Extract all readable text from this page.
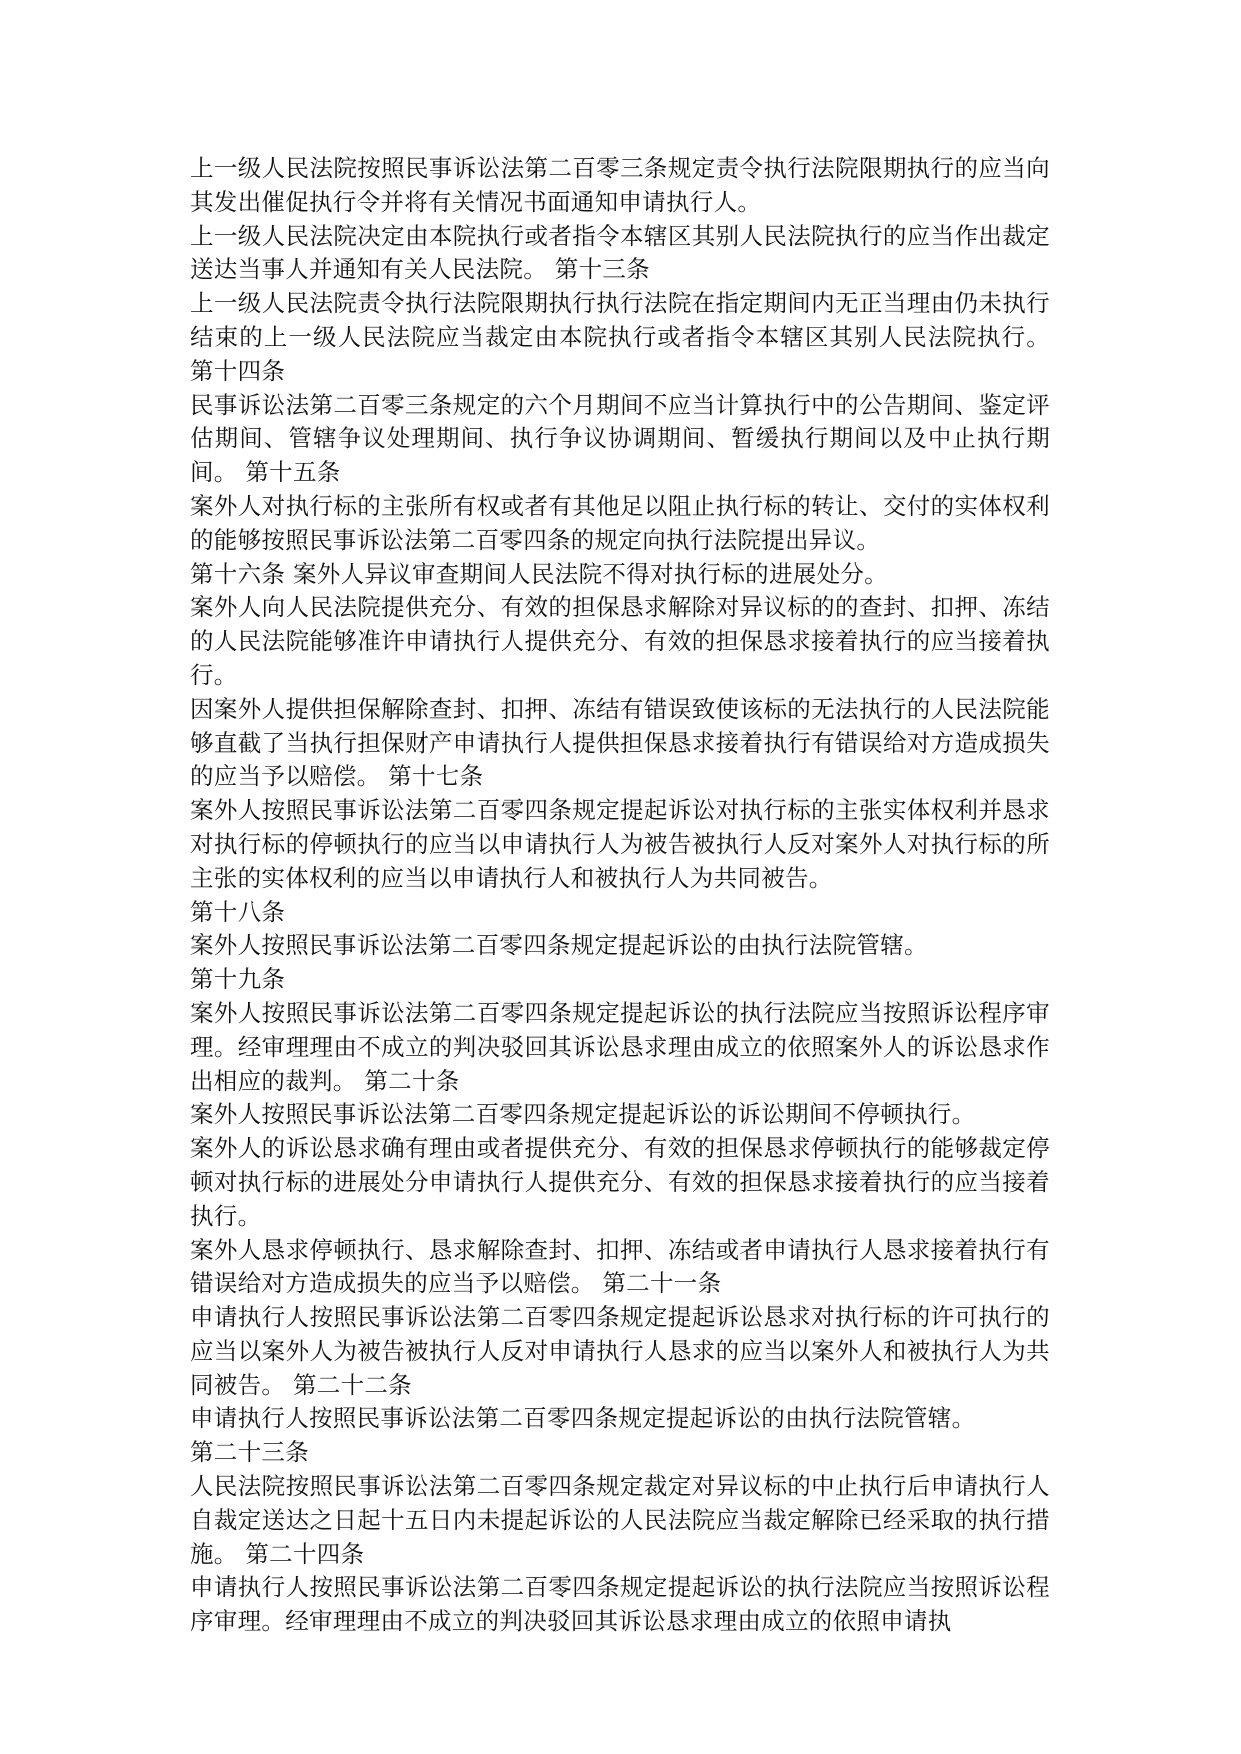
上一级人民法院按照民事诉讼法第二百零三条规定责令执行法院限期执行的应当向其发出催促执行令并将有关情况书面通知申请执行人。

上一级人民法院决定由本院执行或者指令本辖区其别人民法院执行的应当作出裁定送达当事人并通知有关人民法院。 第十三条

上一级人民法院责令执行法院限期执行执行法院在指定期间内无正当理由仍未执行结束的上一级人民法院应当裁定由本院执行或者指令本辖区其别人民法院执行。 第十四条

民事诉讼法第二百零三条规定的六个月期间不应当计算执行中的公告期间、鉴定评估期间、管辖争议处理期间、执行争议协调期间、暂缓执行期间以及中止执行期间。 第十五条

案外人对执行标的主张所有权或者有其他足以阻止执行标的转让、交付的实体权利的能够按照民事诉讼法第二百零四条的规定向执行法院提出异议。

第十六条 案外人异议审查期间人民法院不得对执行标的进展处分。

案外人向人民法院提供充分、有效的担保恳求解除对异议标的的查封、扣押、冻结的人民法院能够准许申请执行人提供充分、有效的担保恳求接着执行的应当接着执行。

因案外人提供担保解除查封、扣押、冻结有错误致使该标的无法执行的人民法院能够直截了当执行担保财产申请执行人提供担保恳求接着执行有错误给对方造成损失的应当予以赔偿。 第十七条

案外人按照民事诉讼法第二百零四条规定提起诉讼对执行标的主张实体权利并恳求对执行标的停顿执行的应当以申请执行人为被告被执行人反对案外人对执行标的所主张的实体权利的应当以申请执行人和被执行人为共同被告。

第十八条

案外人按照民事诉讼法第二百零四条规定提起诉讼的由执行法院管辖。

第十九条

案外人按照民事诉讼法第二百零四条规定提起诉讼的执行法院应当按照诉讼程序审理。经审理理由不成立的判决驳回其诉讼恳求理由成立的依照案外人的诉讼恳求作出相应的裁判。 第二十条

案外人按照民事诉讼法第二百零四条规定提起诉讼的诉讼期间不停顿执行。

案外人的诉讼恳求确有理由或者提供充分、有效的担保恳求停顿执行的能够裁定停顿对执行标的进展处分申请执行人提供充分、有效的担保恳求接着执行的应当接着执行。

案外人恳求停顿执行、恳求解除查封、扣押、冻结或者申请执行人恳求接着执行有错误给对方造成损失的应当予以赔偿。 第二十一条

申请执行人按照民事诉讼法第二百零四条规定提起诉讼恳求对执行标的许可执行的应当以案外人为被告被执行人反对申请执行人恳求的应当以案外人和被执行人为共同被告。 第二十二条

申请执行人按照民事诉讼法第二百零四条规定提起诉讼的由执行法院管辖。

第二十三条

人民法院按照民事诉讼法第二百零四条规定裁定对异议标的中止执行后申请执行人自裁定送达之日起十五日内未提起诉讼的人民法院应当裁定解除已经采取的执行措施。 第二十四条

申请执行人按照民事诉讼法第二百零四条规定提起诉讼的执行法院应当按照诉讼程序审理。经审理理由不成立的判决驳回其诉讼恳求理由成立的依照申请执
